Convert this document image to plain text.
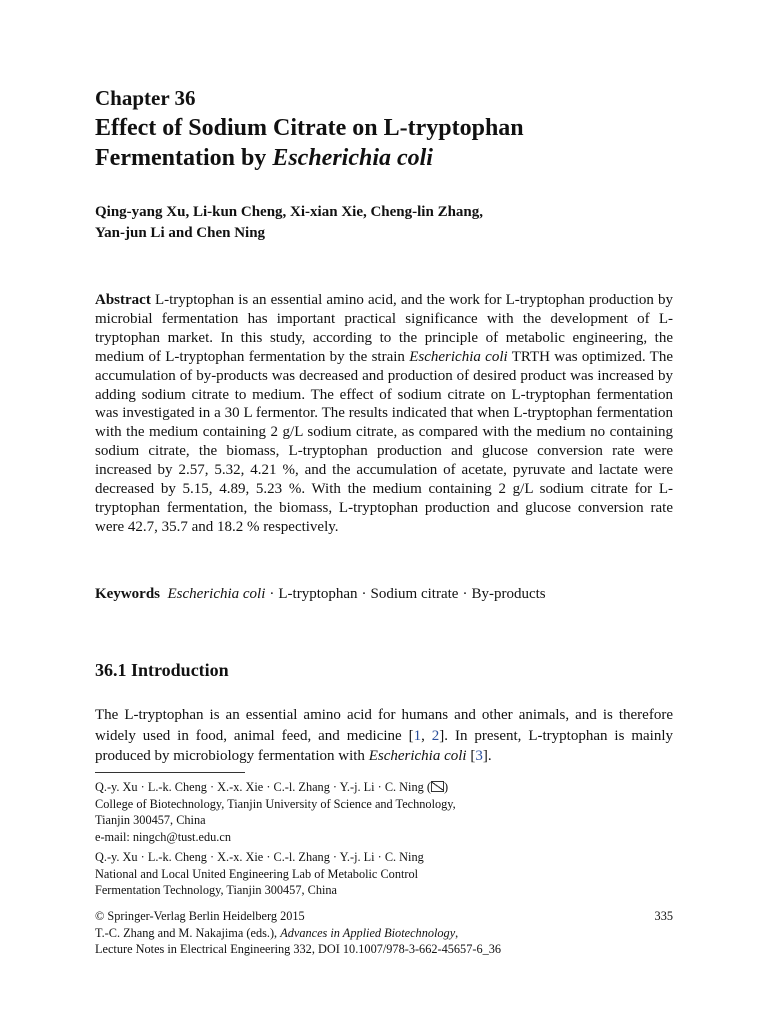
Chapter 36
Effect of Sodium Citrate on L-tryptophan
Fermentation by Escherichia coli
Qing-yang Xu, Li-kun Cheng, Xi-xian Xie, Cheng-lin Zhang,
Yan-jun Li and Chen Ning
Abstract L-tryptophan is an essential amino acid, and the work for L-tryptophan production by microbial fermentation has important practical significance with the development of L-tryptophan market. In this study, according to the principle of metabolic engineering, the medium of L-tryptophan fermentation by the strain Escherichia coli TRTH was optimized. The accumulation of by-products was decreased and production of desired product was increased by adding sodium citrate to medium. The effect of sodium citrate on L-tryptophan fermentation was investigated in a 30 L fermentor. The results indicated that when L-tryptophan fermentation with the medium containing 2 g/L sodium citrate, as compared with the medium no containing sodium citrate, the biomass, L-tryptophan production and glucose conversion rate were increased by 2.57, 5.32, 4.21 %, and the accumulation of acetate, pyruvate and lactate were decreased by 5.15, 4.89, 5.23 %. With the medium containing 2 g/L sodium citrate for L-tryptophan fermentation, the biomass, L-tryptophan production and glucose conversion rate were 42.7, 35.7 and 18.2 % respectively.
Keywords Escherichia coli · L-tryptophan · Sodium citrate · By-products
36.1 Introduction
The L-tryptophan is an essential amino acid for humans and other animals, and is therefore widely used in food, animal feed, and medicine [1, 2]. In present, L-tryptophan is mainly produced by microbiology fermentation with Escherichia coli [3].
Q.-y. Xu · L.-k. Cheng · X.-x. Xie · C.-l. Zhang · Y.-j. Li · C. Ning ( )
College of Biotechnology, Tianjin University of Science and Technology,
Tianjin 300457, China
e-mail: ningch@tust.edu.cn
Q.-y. Xu · L.-k. Cheng · X.-x. Xie · C.-l. Zhang · Y.-j. Li · C. Ning
National and Local United Engineering Lab of Metabolic Control
Fermentation Technology, Tianjin 300457, China
© Springer-Verlag Berlin Heidelberg 2015
T.-C. Zhang and M. Nakajima (eds.), Advances in Applied Biotechnology,
Lecture Notes in Electrical Engineering 332, DOI 10.1007/978-3-662-45657-6_36
335
